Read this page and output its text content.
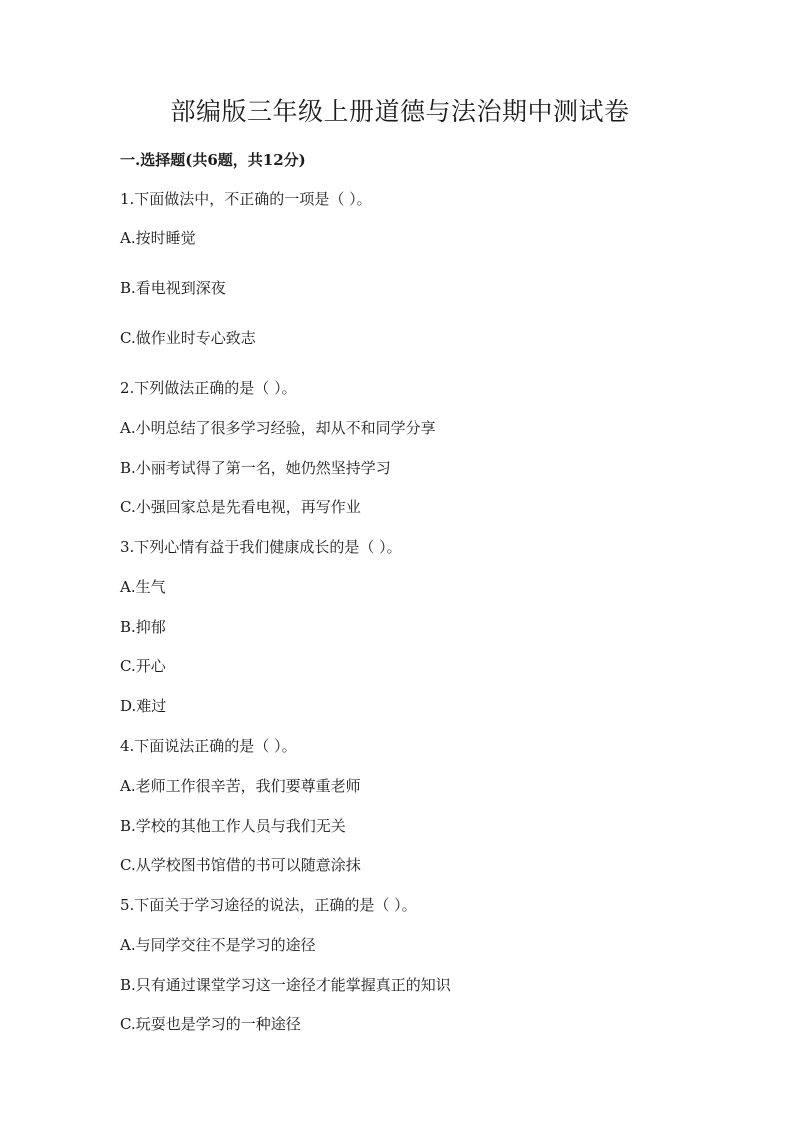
部编版三年级上册道德与法治期中测试卷
一.选择题(共6题，共12分)

1.下面做法中，不正确的一项是（ ）。

A.按时睡觉

B.看电视到深夜

C.做作业时专心致志

2.下列做法正确的是（ ）。

A.小明总结了很多学习经验，却从不和同学分享

B.小丽考试得了第一名，她仍然坚持学习

C.小强回家总是先看电视，再写作业

3.下列心情有益于我们健康成长的是（ ）。

A.生气

B.抑郁

C.开心

D.难过

4.下面说法正确的是（ ）。

A.老师工作很辛苦，我们要尊重老师

B.学校的其他工作人员与我们无关

C.从学校图书馆借的书可以随意涂抹

5.下面关于学习途径的说法，正确的是（ ）。

A.与同学交往不是学习的途径

B.只有通过课堂学习这一途径才能掌握真正的知识

C.玩耍也是学习的一种途径
